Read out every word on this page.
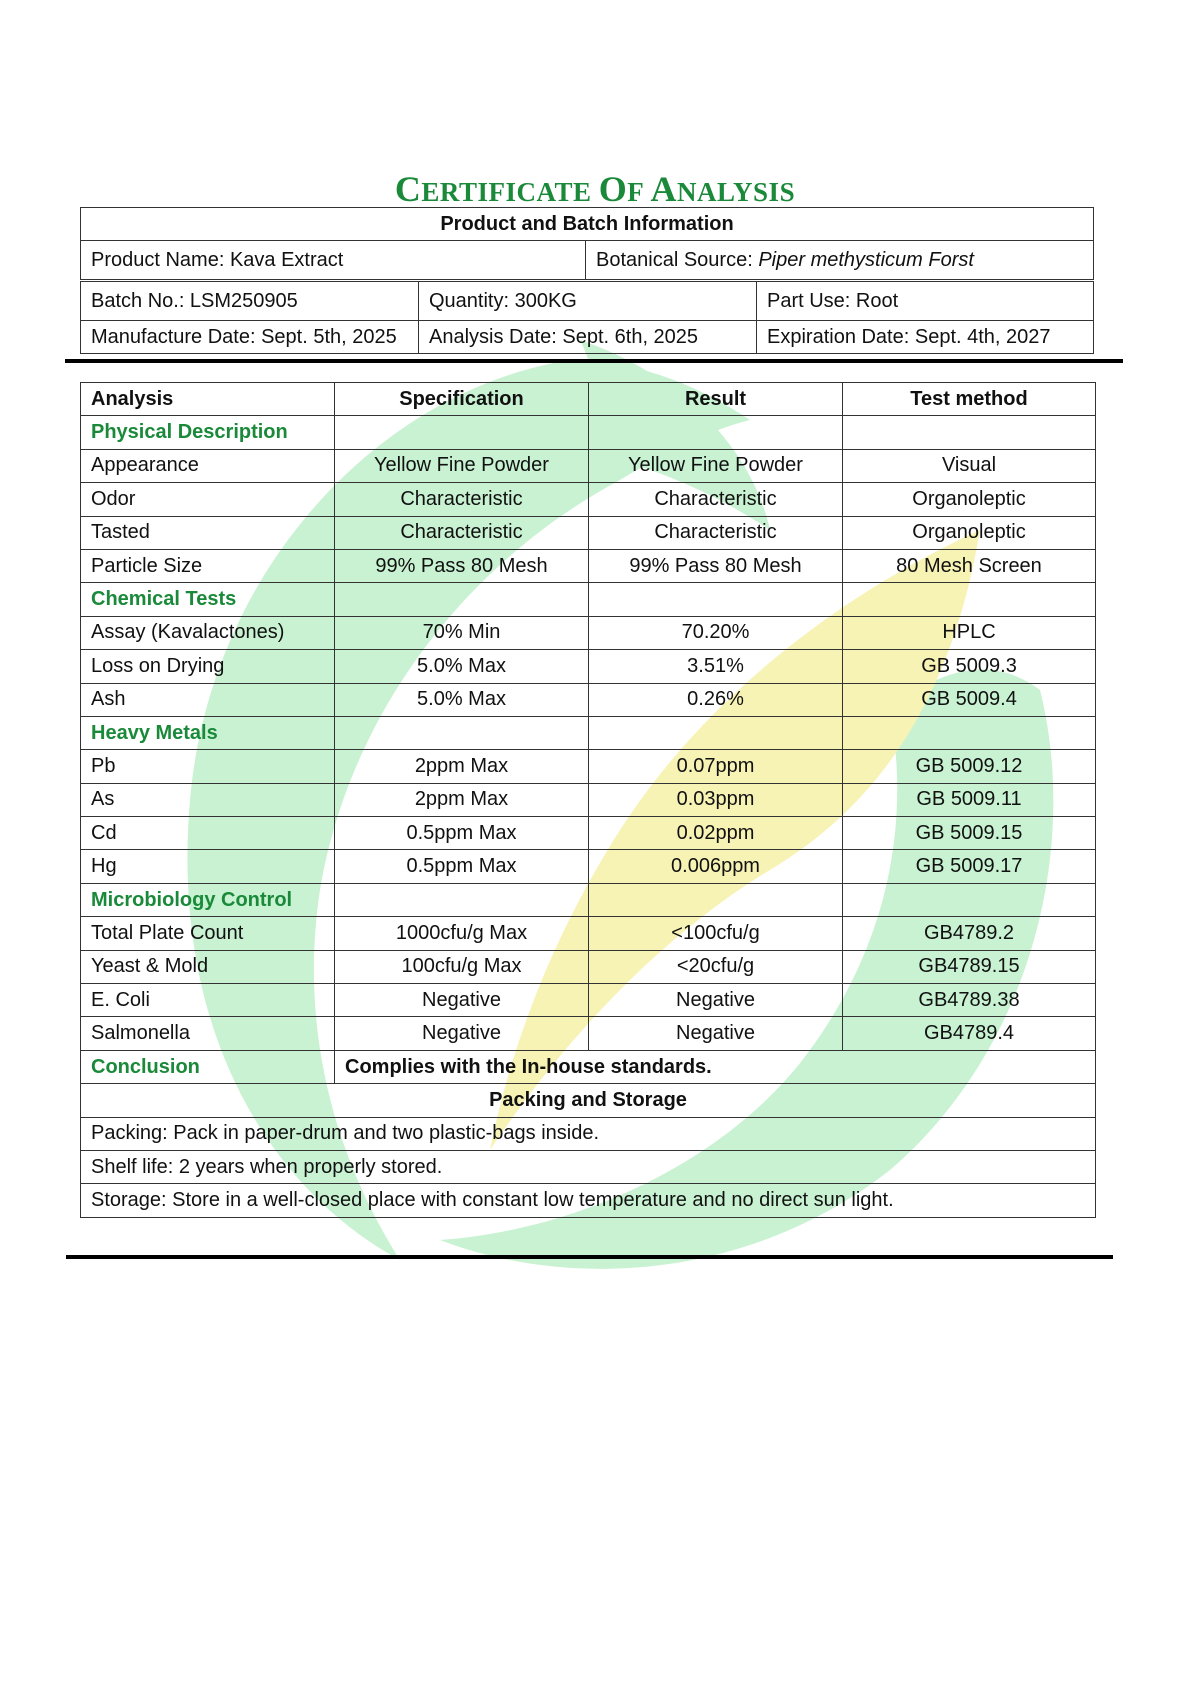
CERTIFICATE OF ANALYSIS
Product and Batch Information
Product Name: Kava Extract	Botanical Source: Piper methysticum Forst
Batch No.: LSM250905	Quantity: 300KG	Part Use: Root
Manufacture Date: Sept. 5th, 2025	Analysis Date: Sept. 6th, 2025	Expiration Date: Sept. 4th, 2027
Analysis	Specification	Result	Test method
Physical Description			
Appearance	Yellow Fine Powder	Yellow Fine Powder	Visual
Odor	Characteristic	Characteristic	Organoleptic
Tasted	Characteristic	Characteristic	Organoleptic
Particle Size	99% Pass 80 Mesh	99% Pass 80 Mesh	80 Mesh Screen
Chemical Tests			
Assay (Kavalactones)	70% Min	70.20%	HPLC
Loss on Drying	5.0% Max	3.51%	GB 5009.3
Ash	5.0% Max	0.26%	GB 5009.4
Heavy Metals			
Pb	2ppm Max	0.07ppm	GB 5009.12
As	2ppm Max	0.03ppm	GB 5009.11
Cd	0.5ppm Max	0.02ppm	GB 5009.15
Hg	0.5ppm Max	0.006ppm	GB 5009.17
Microbiology Control			
Total Plate Count	1000cfu/g Max	<100cfu/g	GB4789.2
Yeast & Mold	100cfu/g Max	<20cfu/g	GB4789.15
E. Coli	Negative	Negative	GB4789.38
Salmonella	Negative	Negative	GB4789.4
Conclusion	Complies with the In-house standards.		
Packing and Storage			
Packing: Pack in paper-drum and two plastic-bags inside.			
Shelf life: 2 years when properly stored.			
Storage: Store in a well-closed place with constant low temperature and no direct sun light.			
